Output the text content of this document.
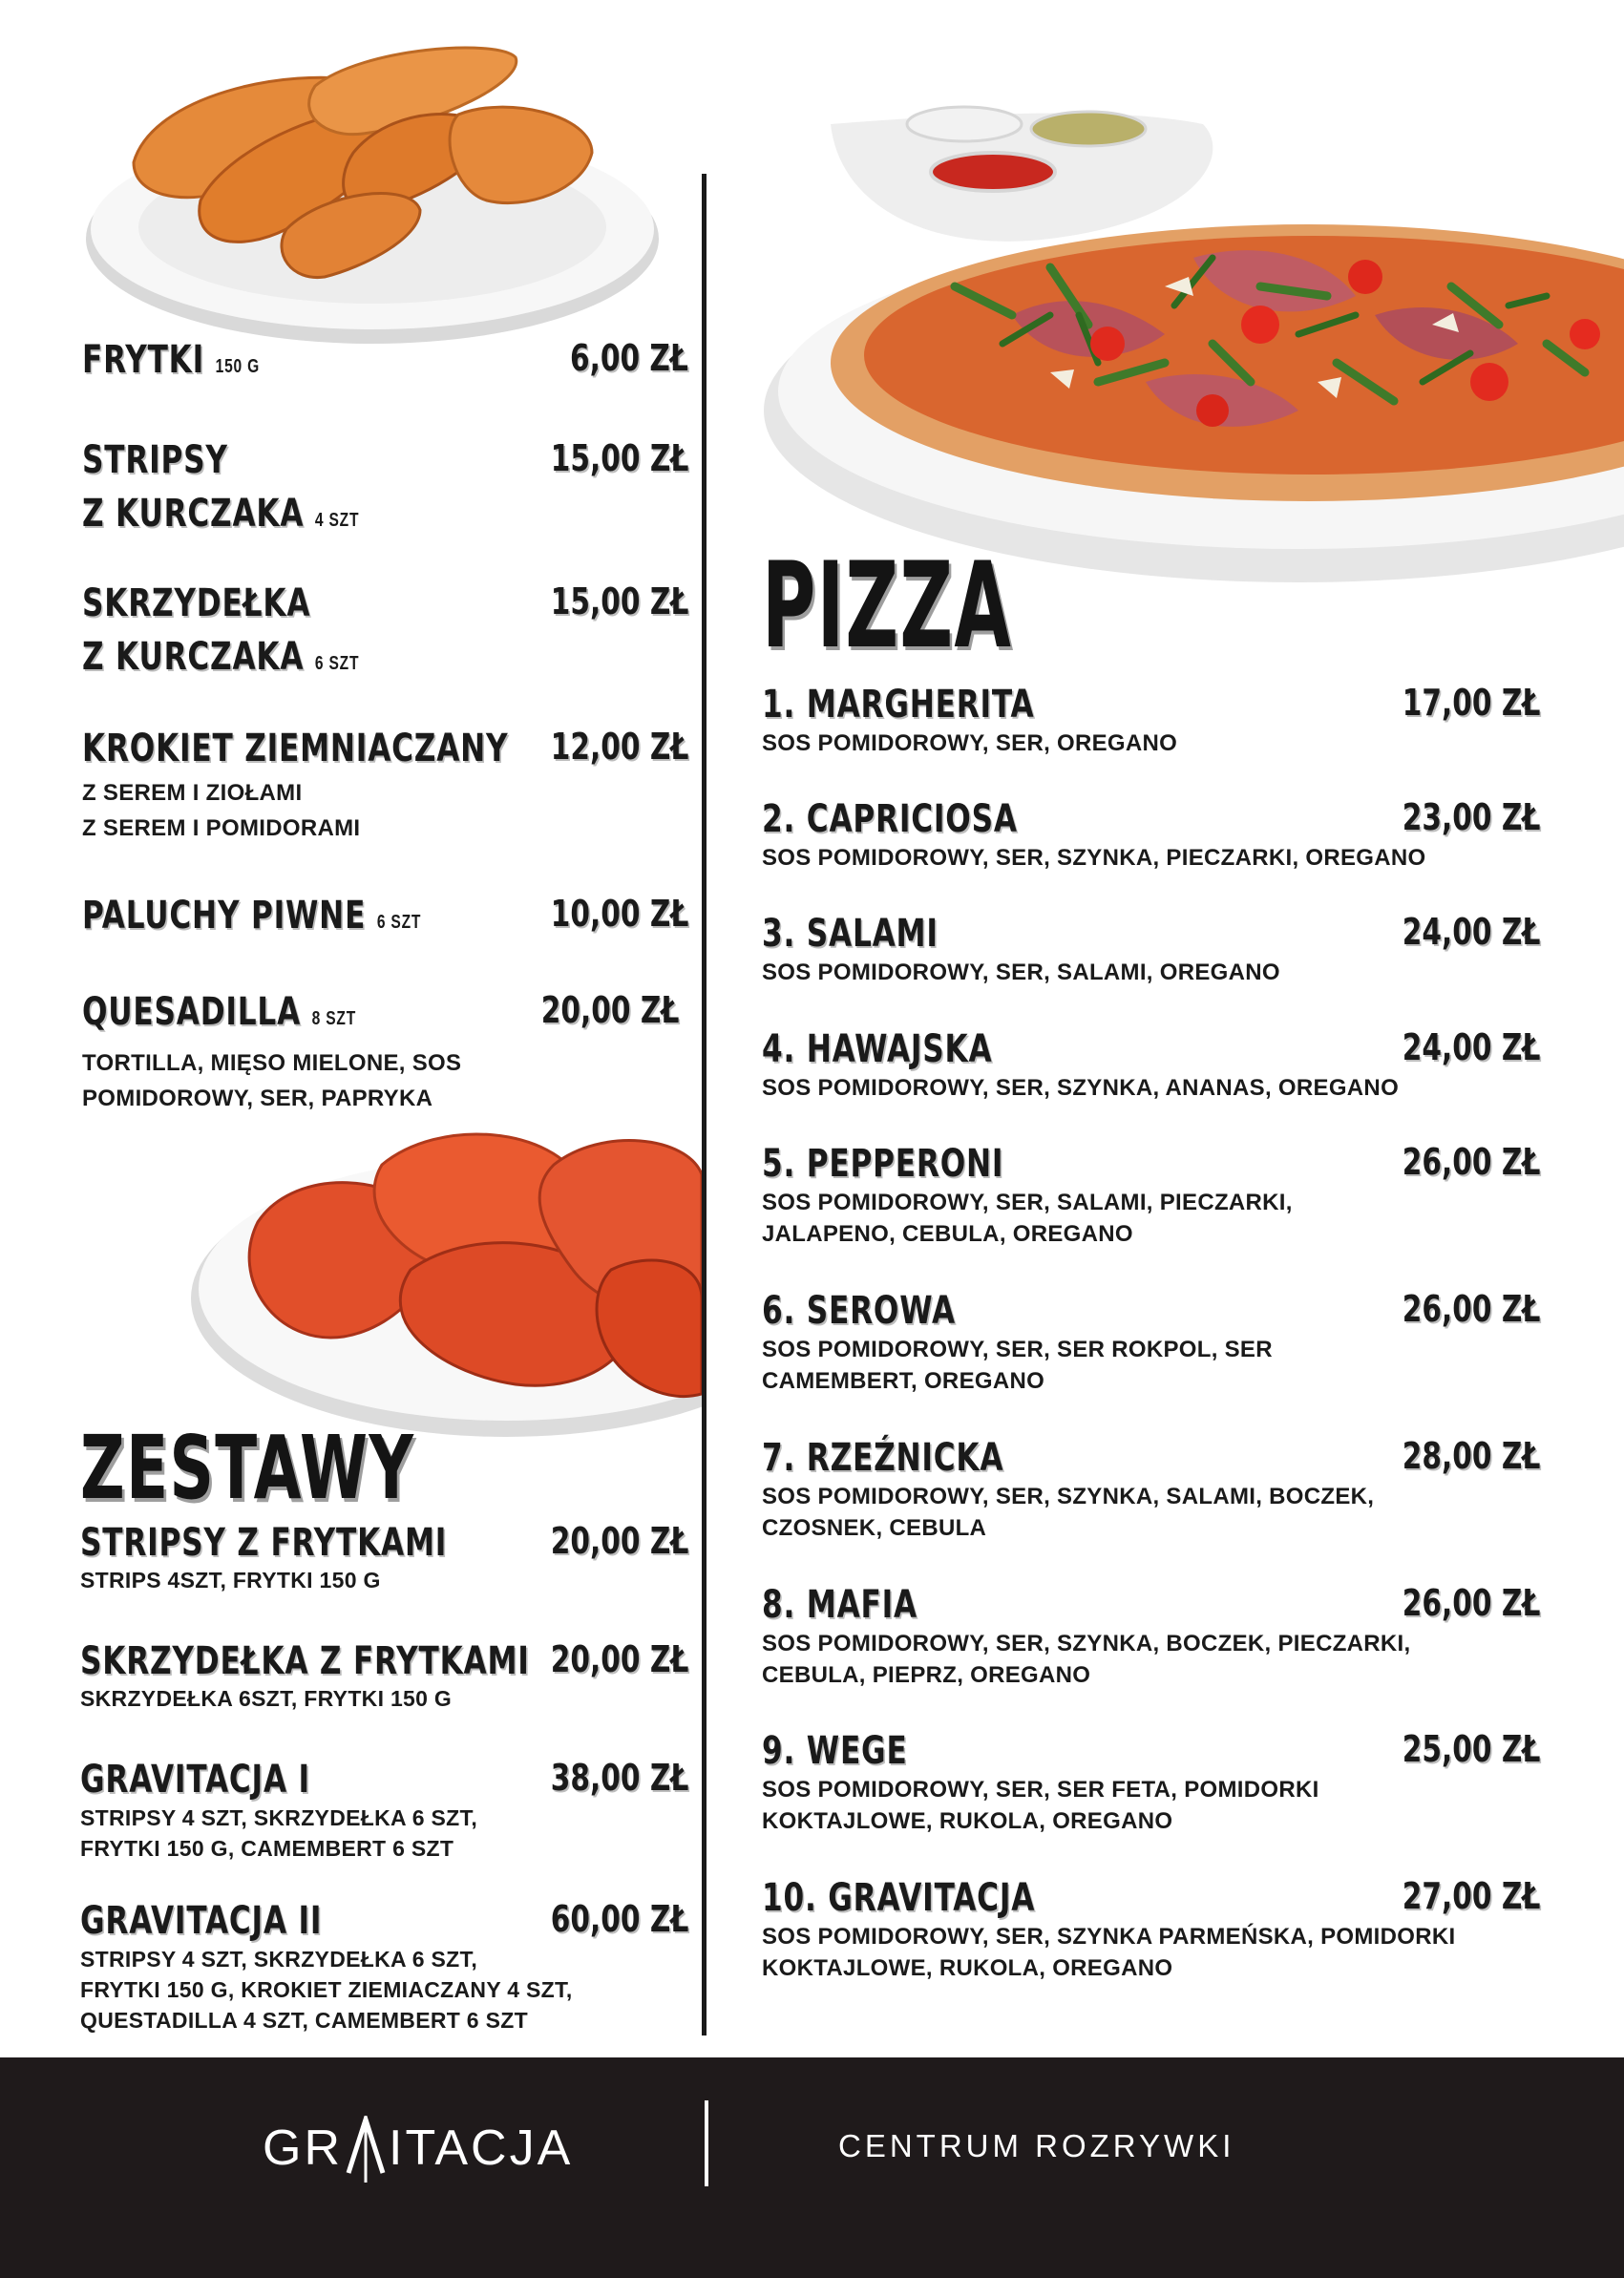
FRYTKI 150 G	6,00 ZŁ
STRIPSY
Z KURCZAKA 4 SZT
15,00 ZŁ
SKRZYDEŁKA
Z KURCZAKA 6 SZT
15,00 ZŁ
KROKIET ZIEMNIACZANY
Z SEREM I ZIOŁAMI
Z SEREM I POMIDORAMI
12,00 ZŁ
PALUCHY PIWNE 6 SZT	10,00 ZŁ
QUESADILLA 8 SZT
TORTILLA, MIĘSO MIELONE, SOS
POMIDOROWY, SER, PAPRYKA
20,00 ZŁ
ZESTAWY
STRIPSY Z FRYTKAMI
STRIPS 4SZT, FRYTKI 150 G
20,00 ZŁ
SKRZYDEŁKA Z FRYTKAMI
SKRZYDEŁKA 6SZT, FRYTKI 150 G
20,00 ZŁ
GRAVITACJA I
STRIPSY 4 SZT, SKRZYDEŁKA 6 SZT,
FRYTKI 150 G, CAMEMBERT 6 SZT
38,00 ZŁ
GRAVITACJA II
STRIPSY 4 SZT, SKRZYDEŁKA 6 SZT,
FRYTKI 150 G, KROKIET ZIEMIACZANY 4 SZT,
QUESTADILLA 4 SZT, CAMEMBERT 6 SZT
60,00 ZŁ
PIZZA
1. MARGHERITA
SOS POMIDOROWY, SER, OREGANO
17,00 ZŁ
2. CAPRICIOSA
SOS POMIDOROWY, SER, SZYNKA, PIECZARKI, OREGANO
23,00 ZŁ
3. SALAMI
SOS POMIDOROWY, SER, SALAMI, OREGANO
24,00 ZŁ
4. HAWAJSKA
SOS POMIDOROWY, SER, SZYNKA, ANANAS, OREGANO
24,00 ZŁ
5. PEPPERONI
SOS POMIDOROWY, SER, SALAMI, PIECZARKI,
JALAPENO, CEBULA, OREGANO
26,00 ZŁ
6. SEROWA
SOS POMIDOROWY, SER, SER ROKPOL, SER
CAMEMBERT, OREGANO
26,00 ZŁ
7. RZEŹNICKA
SOS POMIDOROWY, SER, SZYNKA, SALAMI, BOCZEK,
CZOSNEK, CEBULA
28,00 ZŁ
8. MAFIA
SOS POMIDOROWY, SER, SZYNKA, BOCZEK, PIECZARKI,
CEBULA, PIEPRZ, OREGANO
26,00 ZŁ
9. WEGE
SOS POMIDOROWY, SER, SER FETA, POMIDORKI
KOKTAJLOWE, RUKOLA, OREGANO
25,00 ZŁ
10. GRAVITACJA
SOS POMIDOROWY, SER, SZYNKA PARMEŃSKA, POMIDORKI
KOKTAJLOWE, RUKOLA, OREGANO
27,00 ZŁ
GR ITACJA	CENTRUM ROZRYWKI
